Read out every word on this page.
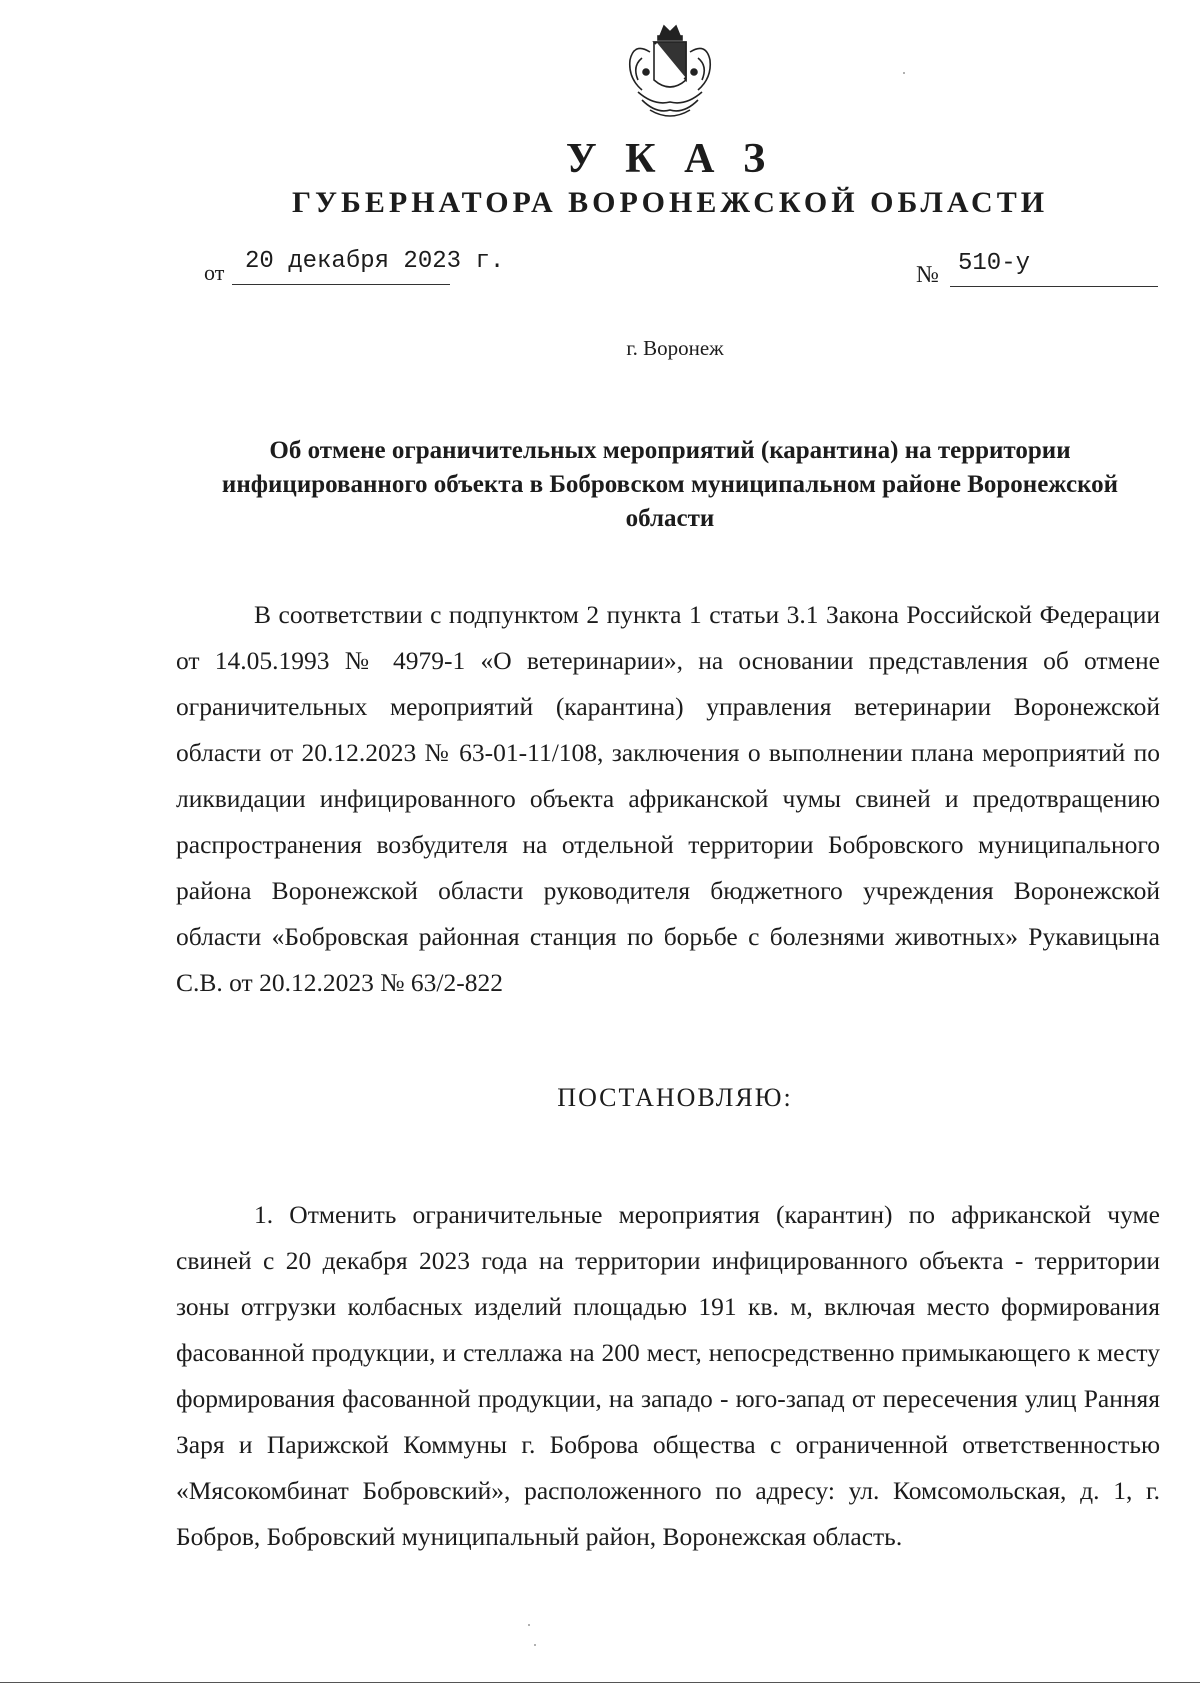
У К А З
ГУБЕРНАТОРА ВОРОНЕЖСКОЙ ОБЛАСТИ
от 20 декабря 2023 г.	№ 510-у
г. Воронеж
Об отмене ограничительных мероприятий (карантина) на территории инфицированного объекта в Бобровском муниципальном районе Воронежской области

В соответствии с подпунктом 2 пункта 1 статьи 3.1 Закона Российской Федерации от 14.05.1993 № 4979-1 «О ветеринарии», на основании представления об отмене ограничительных мероприятий (карантина) управления ветеринарии Воронежской области от 20.12.2023 № 63-01-11/108, заключения о выполнении плана мероприятий по ликвидации инфицированного объекта африканской чумы свиней и предотвращению распространения возбудителя на отдельной территории Бобровского муниципального района Воронежской области руководителя бюджетного учреждения Воронежской области «Бобровская районная станция по борьбе с болезнями животных» Рукавицына С.В. от 20.12.2023 № 63/2-822

ПОСТАНОВЛЯЮ:

1. Отменить ограничительные мероприятия (карантин) по африканской чуме свиней с 20 декабря 2023 года на территории инфицированного объекта - территории зоны отгрузки колбасных изделий площадью 191 кв. м, включая место формирования фасованной продукции, и стеллажа на 200 мест, непосредственно примыкающего к месту формирования фасованной продукции, на западо - юго-запад от пересечения улиц Ранняя Заря и Парижской Коммуны г. Боброва общества с ограниченной ответственностью «Мясокомбинат Бобровский», расположенного по адресу: ул. Комсомольская, д. 1, г. Бобров, Бобровский муниципальный район, Воронежская область.
